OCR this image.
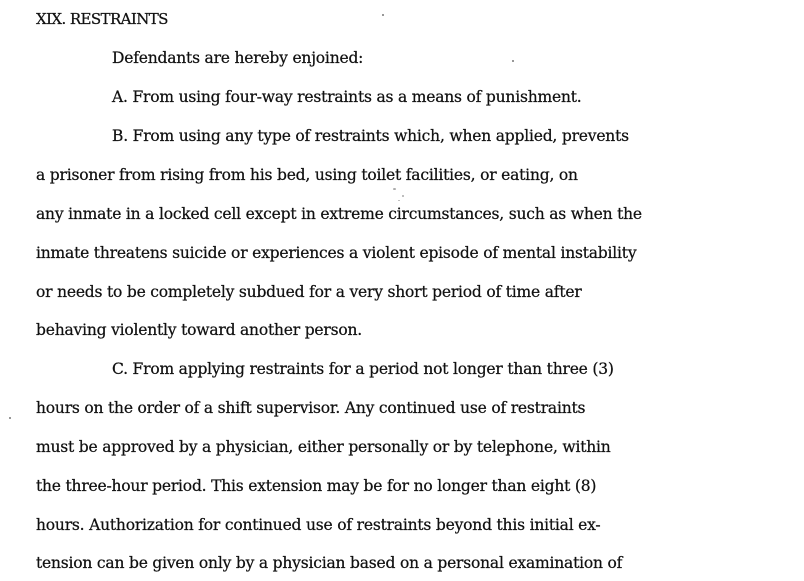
XIX. RESTRAINTS
Defendants are hereby enjoined:
A. From using four-way restraints as a means of punishment.
B. From using any type of restraints which, when applied, prevents
a prisoner from rising from his bed, using toilet facilities, or eating, on
any inmate in a locked cell except in extreme circumstances, such as when the
inmate threatens suicide or experiences a violent episode of mental instability
or needs to be completely subdued for a very short period of time after
behaving violently toward another person.
C. From applying restraints for a period not longer than three (3)
hours on the order of a shift supervisor. Any continued use of restraints
must be approved by a physician, either personally or by telephone, within
the three-hour period. This extension may be for no longer than eight (8)
hours. Authorization for continued use of restraints beyond this initial ex-
tension can be given only by a physician based on a personal examination of
